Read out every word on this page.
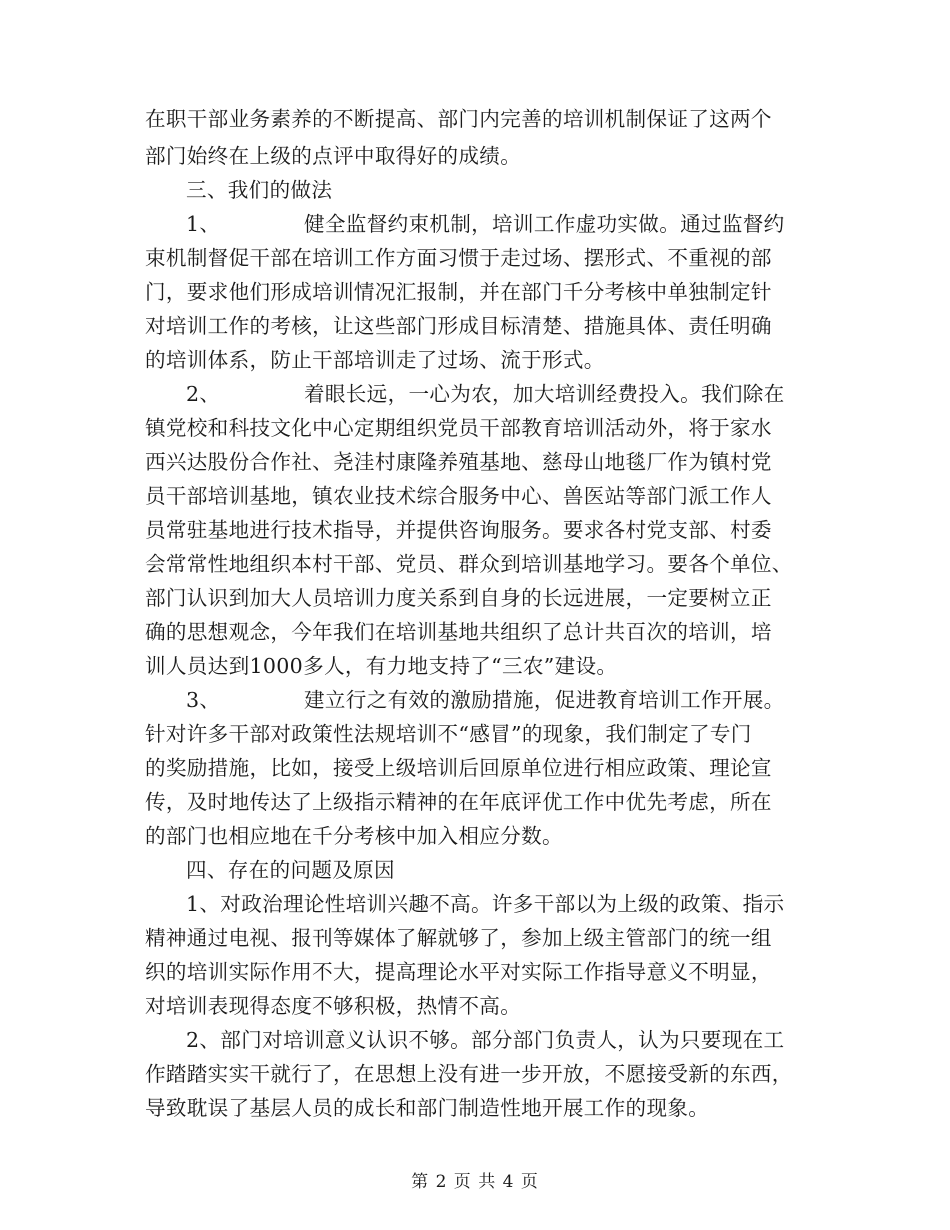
在职干部业务素养的不断提高、部门内完善的培训机制保证了这两个
部门始终在上级的点评中取得好的成绩。
三、我们的做法
1、	健全监督约束机制，培训工作虚功实做。通过监督约
束机制督促干部在培训工作方面习惯于走过场、摆形式、不重视的部
门，要求他们形成培训情况汇报制，并在部门千分考核中单独制定针
对培训工作的考核，让这些部门形成目标清楚、措施具体、责任明确
的培训体系，防止干部培训走了过场、流于形式。
2、	着眼长远，一心为农，加大培训经费投入。我们除在
镇党校和科技文化中心定期组织党员干部教育培训活动外，将于家水
西兴达股份合作社、尧洼村康隆养殖基地、慈母山地毯厂作为镇村党
员干部培训基地，镇农业技术综合服务中心、兽医站等部门派工作人
员常驻基地进行技术指导，并提供咨询服务。要求各村党支部、村委
会常常性地组织本村干部、党员、群众到培训基地学习。要各个单位、
部门认识到加大人员培训力度关系到自身的长远进展，一定要树立正
确的思想观念，今年我们在培训基地共组织了总计共百次的培训，培
训人员达到1000多人，有力地支持了“三农”建设。
3、	建立行之有效的激励措施，促进教育培训工作开展。
针对许多干部对政策性法规培训不“感冒”的现象，我们制定了专门
的奖励措施，比如，接受上级培训后回原单位进行相应政策、理论宣
传，及时地传达了上级指示精神的在年底评优工作中优先考虑，所在
的部门也相应地在千分考核中加入相应分数。
四、存在的问题及原因
1、对政治理论性培训兴趣不高。许多干部以为上级的政策、指示
精神通过电视、报刊等媒体了解就够了，参加上级主管部门的统一组
织的培训实际作用不大，提高理论水平对实际工作指导意义不明显，
对培训表现得态度不够积极，热情不高。
2、部门对培训意义认识不够。部分部门负责人，认为只要现在工
作踏踏实实干就行了，在思想上没有进一步开放，不愿接受新的东西，
导致耽误了基层人员的成长和部门制造性地开展工作的现象。
第 2 页 共 4 页
